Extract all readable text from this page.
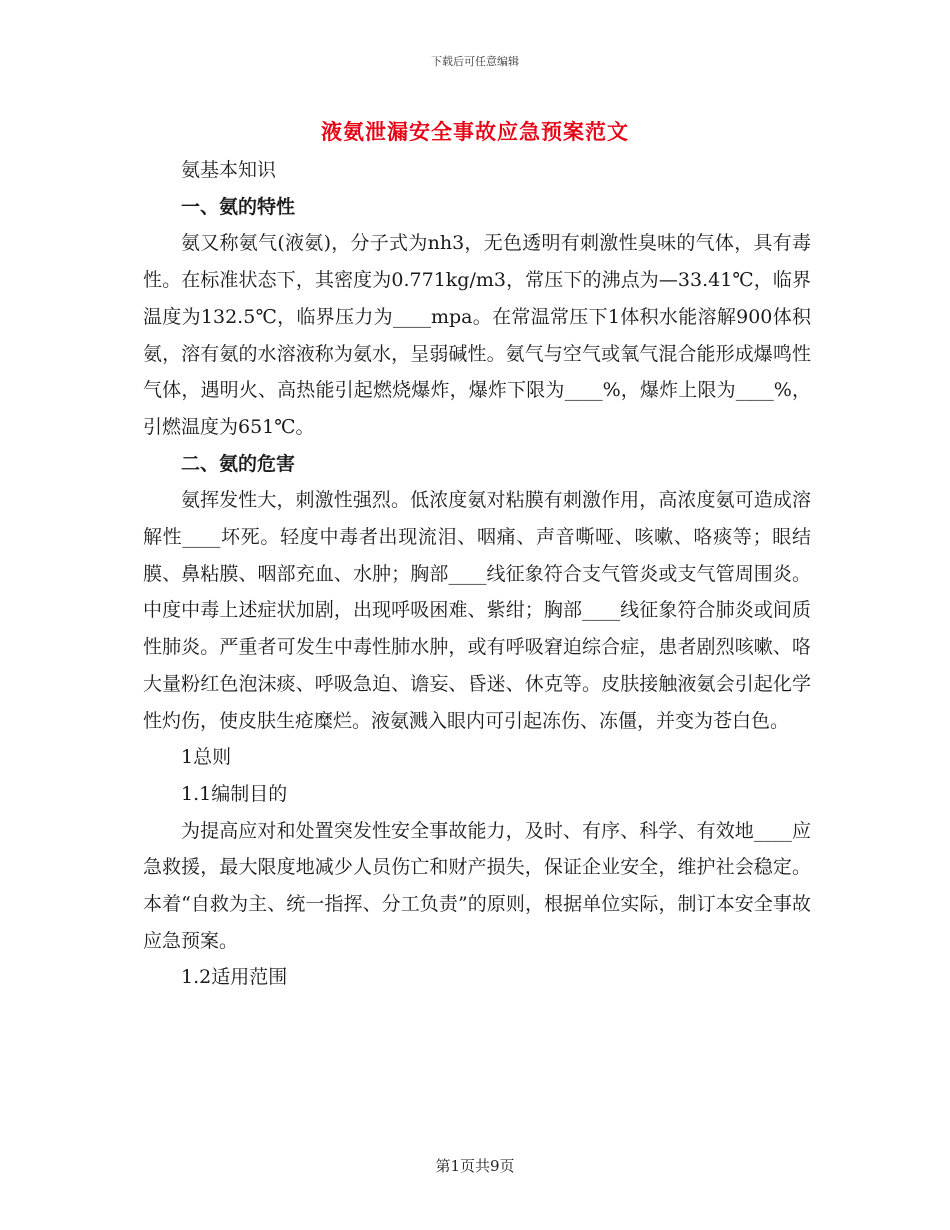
下载后可任意编辑
液氨泄漏安全事故应急预案范文

氨基本知识

一、氨的特性

氨又称氨气(液氨)，分子式为nh3，无色透明有刺激性臭味的气体，具有毒性。在标准状态下，其密度为0.771kg/m3，常压下的沸点为—33.41℃，临界温度为132.5℃，临界压力为____mpa。在常温常压下1体积水能溶解900体积氨，溶有氨的水溶液称为氨水，呈弱碱性。氨气与空气或氧气混合能形成爆鸣性气体，遇明火、高热能引起燃烧爆炸，爆炸下限为____%，爆炸上限为____%，引燃温度为651℃。

二、氨的危害

氨挥发性大，刺激性强烈。低浓度氨对粘膜有刺激作用，高浓度氨可造成溶解性____坏死。轻度中毒者出现流泪、咽痛、声音嘶哑、咳嗽、咯痰等；眼结膜、鼻粘膜、咽部充血、水肿；胸部____线征象符合支气管炎或支气管周围炎。中度中毒上述症状加剧，出现呼吸困难、紫绀；胸部____线征象符合肺炎或间质性肺炎。严重者可发生中毒性肺水肿，或有呼吸窘迫综合症，患者剧烈咳嗽、咯大量粉红色泡沫痰、呼吸急迫、谵妄、昏迷、休克等。皮肤接触液氨会引起化学性灼伤，使皮肤生疮糜烂。液氨溅入眼内可引起冻伤、冻僵，并变为苍白色。

1总则

1.1编制目的

为提高应对和处置突发性安全事故能力，及时、有序、科学、有效地____应急救援，最大限度地减少人员伤亡和财产损失，保证企业安全，维护社会稳定。本着“自救为主、统一指挥、分工负责”的原则，根据单位实际，制订本安全事故应急预案。

1.2适用范围

第1页共9页
